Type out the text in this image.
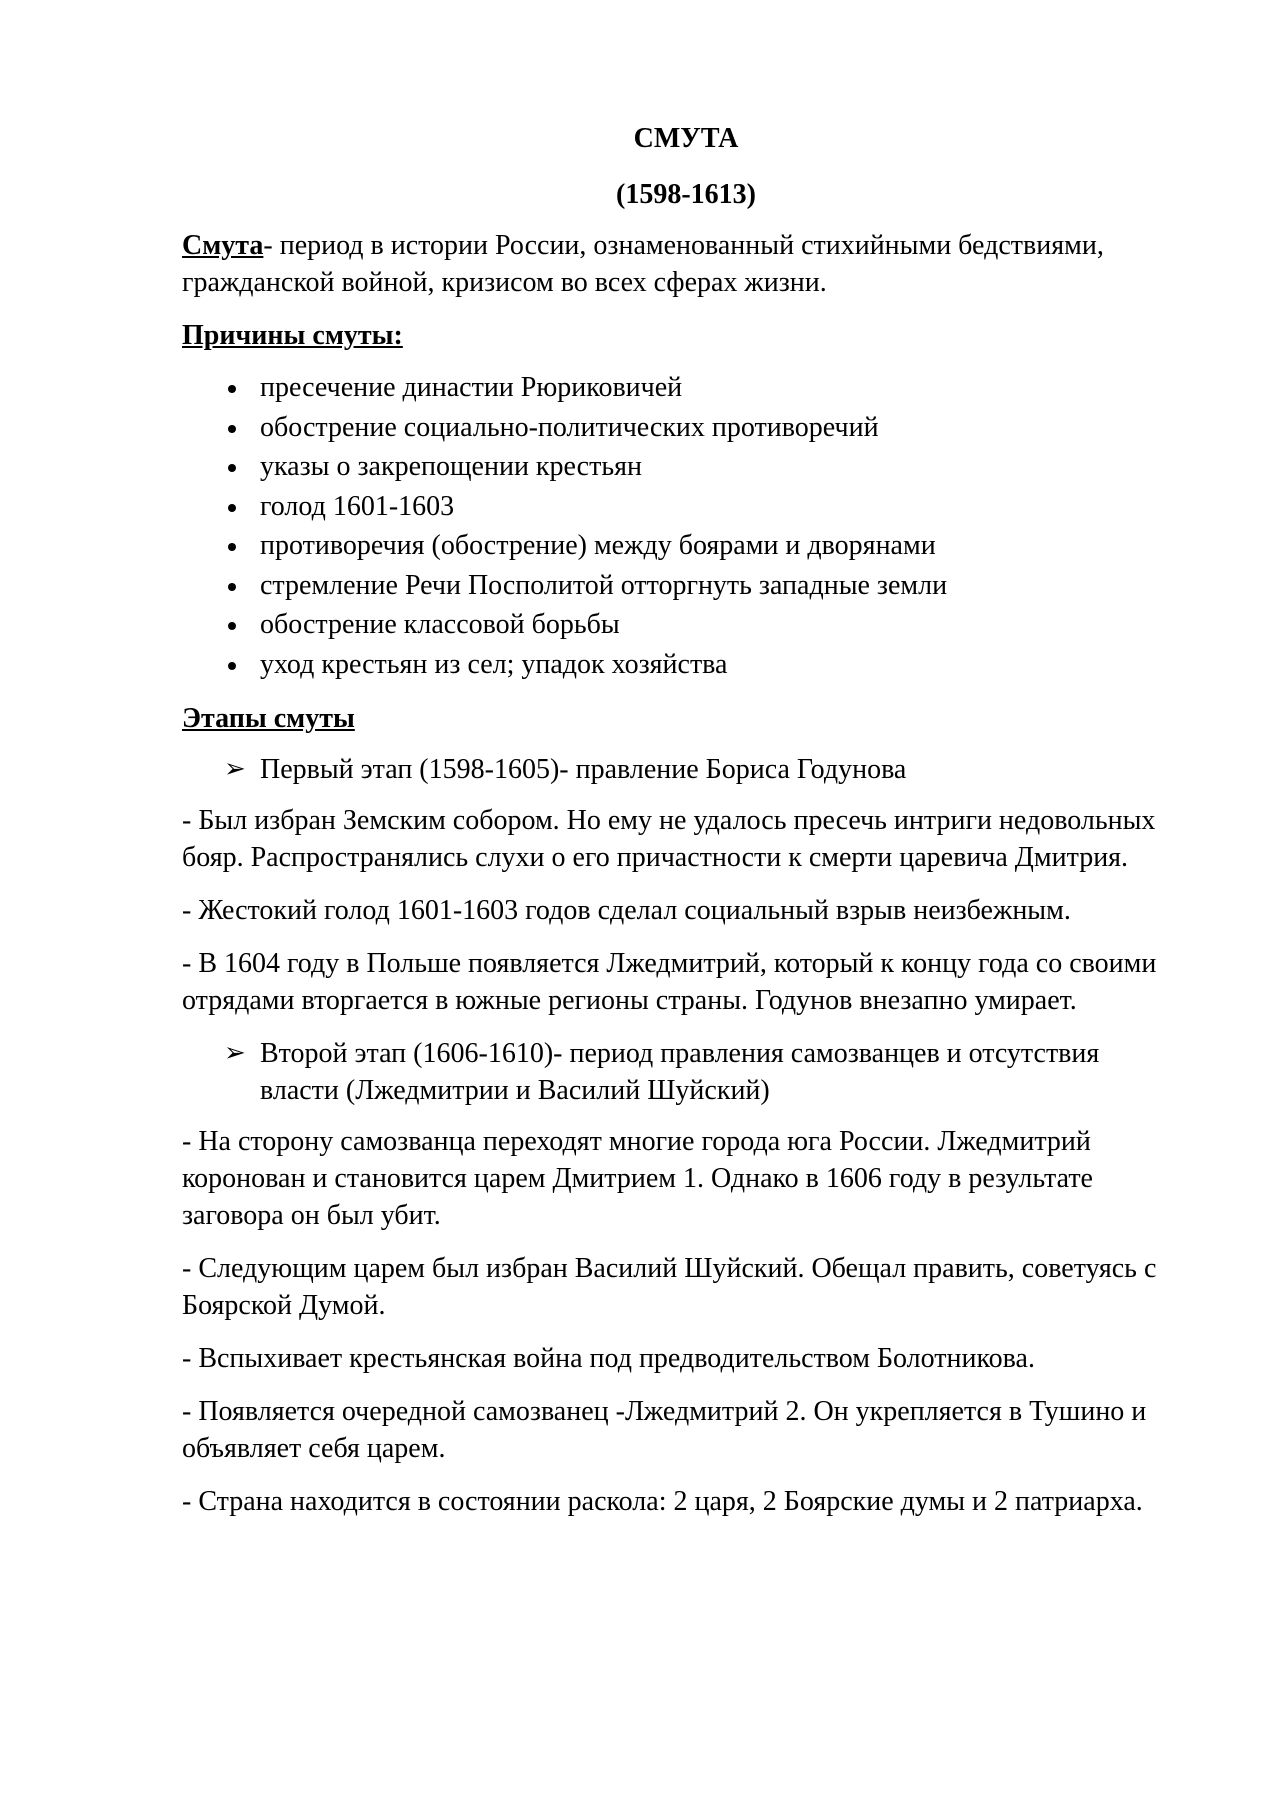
СМУТА
(1598-1613)

Смута- период в истории России, ознаменованный стихийными бедствиями, гражданской войной, кризисом во всех сферах жизни.

Причины смуты:

пресечение династии Рюриковичей
обострение социально-политических противоречий
указы о закрепощении крестьян
голод 1601-1603
противоречия (обострение) между боярами и дворянами
стремление Речи Посполитой отторгнуть западные земли
обострение классовой борьбы
уход крестьян из сел; упадок хозяйства

Этапы смуты

➢ Первый этап (1598-1605)- правление Бориса Годунова

- Был избран Земским собором. Но ему не удалось пресечь интриги недовольных бояр. Распространялись слухи о его причастности к смерти царевича Дмитрия.

- Жестокий голод 1601-1603 годов сделал социальный взрыв неизбежным.

- В 1604 году в Польше появляется Лжедмитрий, который к концу года со своими отрядами вторгается в южные регионы страны. Годунов внезапно умирает.

➢ Второй этап (1606-1610)- период правления самозванцев и отсутствия власти (Лжедмитрии и Василий Шуйский)

- На сторону самозванца переходят многие города юга России. Лжедмитрий коронован и становится царем Дмитрием 1. Однако в 1606 году в результате заговора он был убит.

- Следующим царем был избран Василий Шуйский. Обещал править, советуясь с Боярской Думой.

- Вспыхивает крестьянская война под предводительством Болотникова.

- Появляется очередной самозванец -Лжедмитрий 2. Он укрепляется в Тушино и объявляет себя царем.

- Страна находится в состоянии раскола: 2 царя, 2 Боярские думы и 2 патриарха.
